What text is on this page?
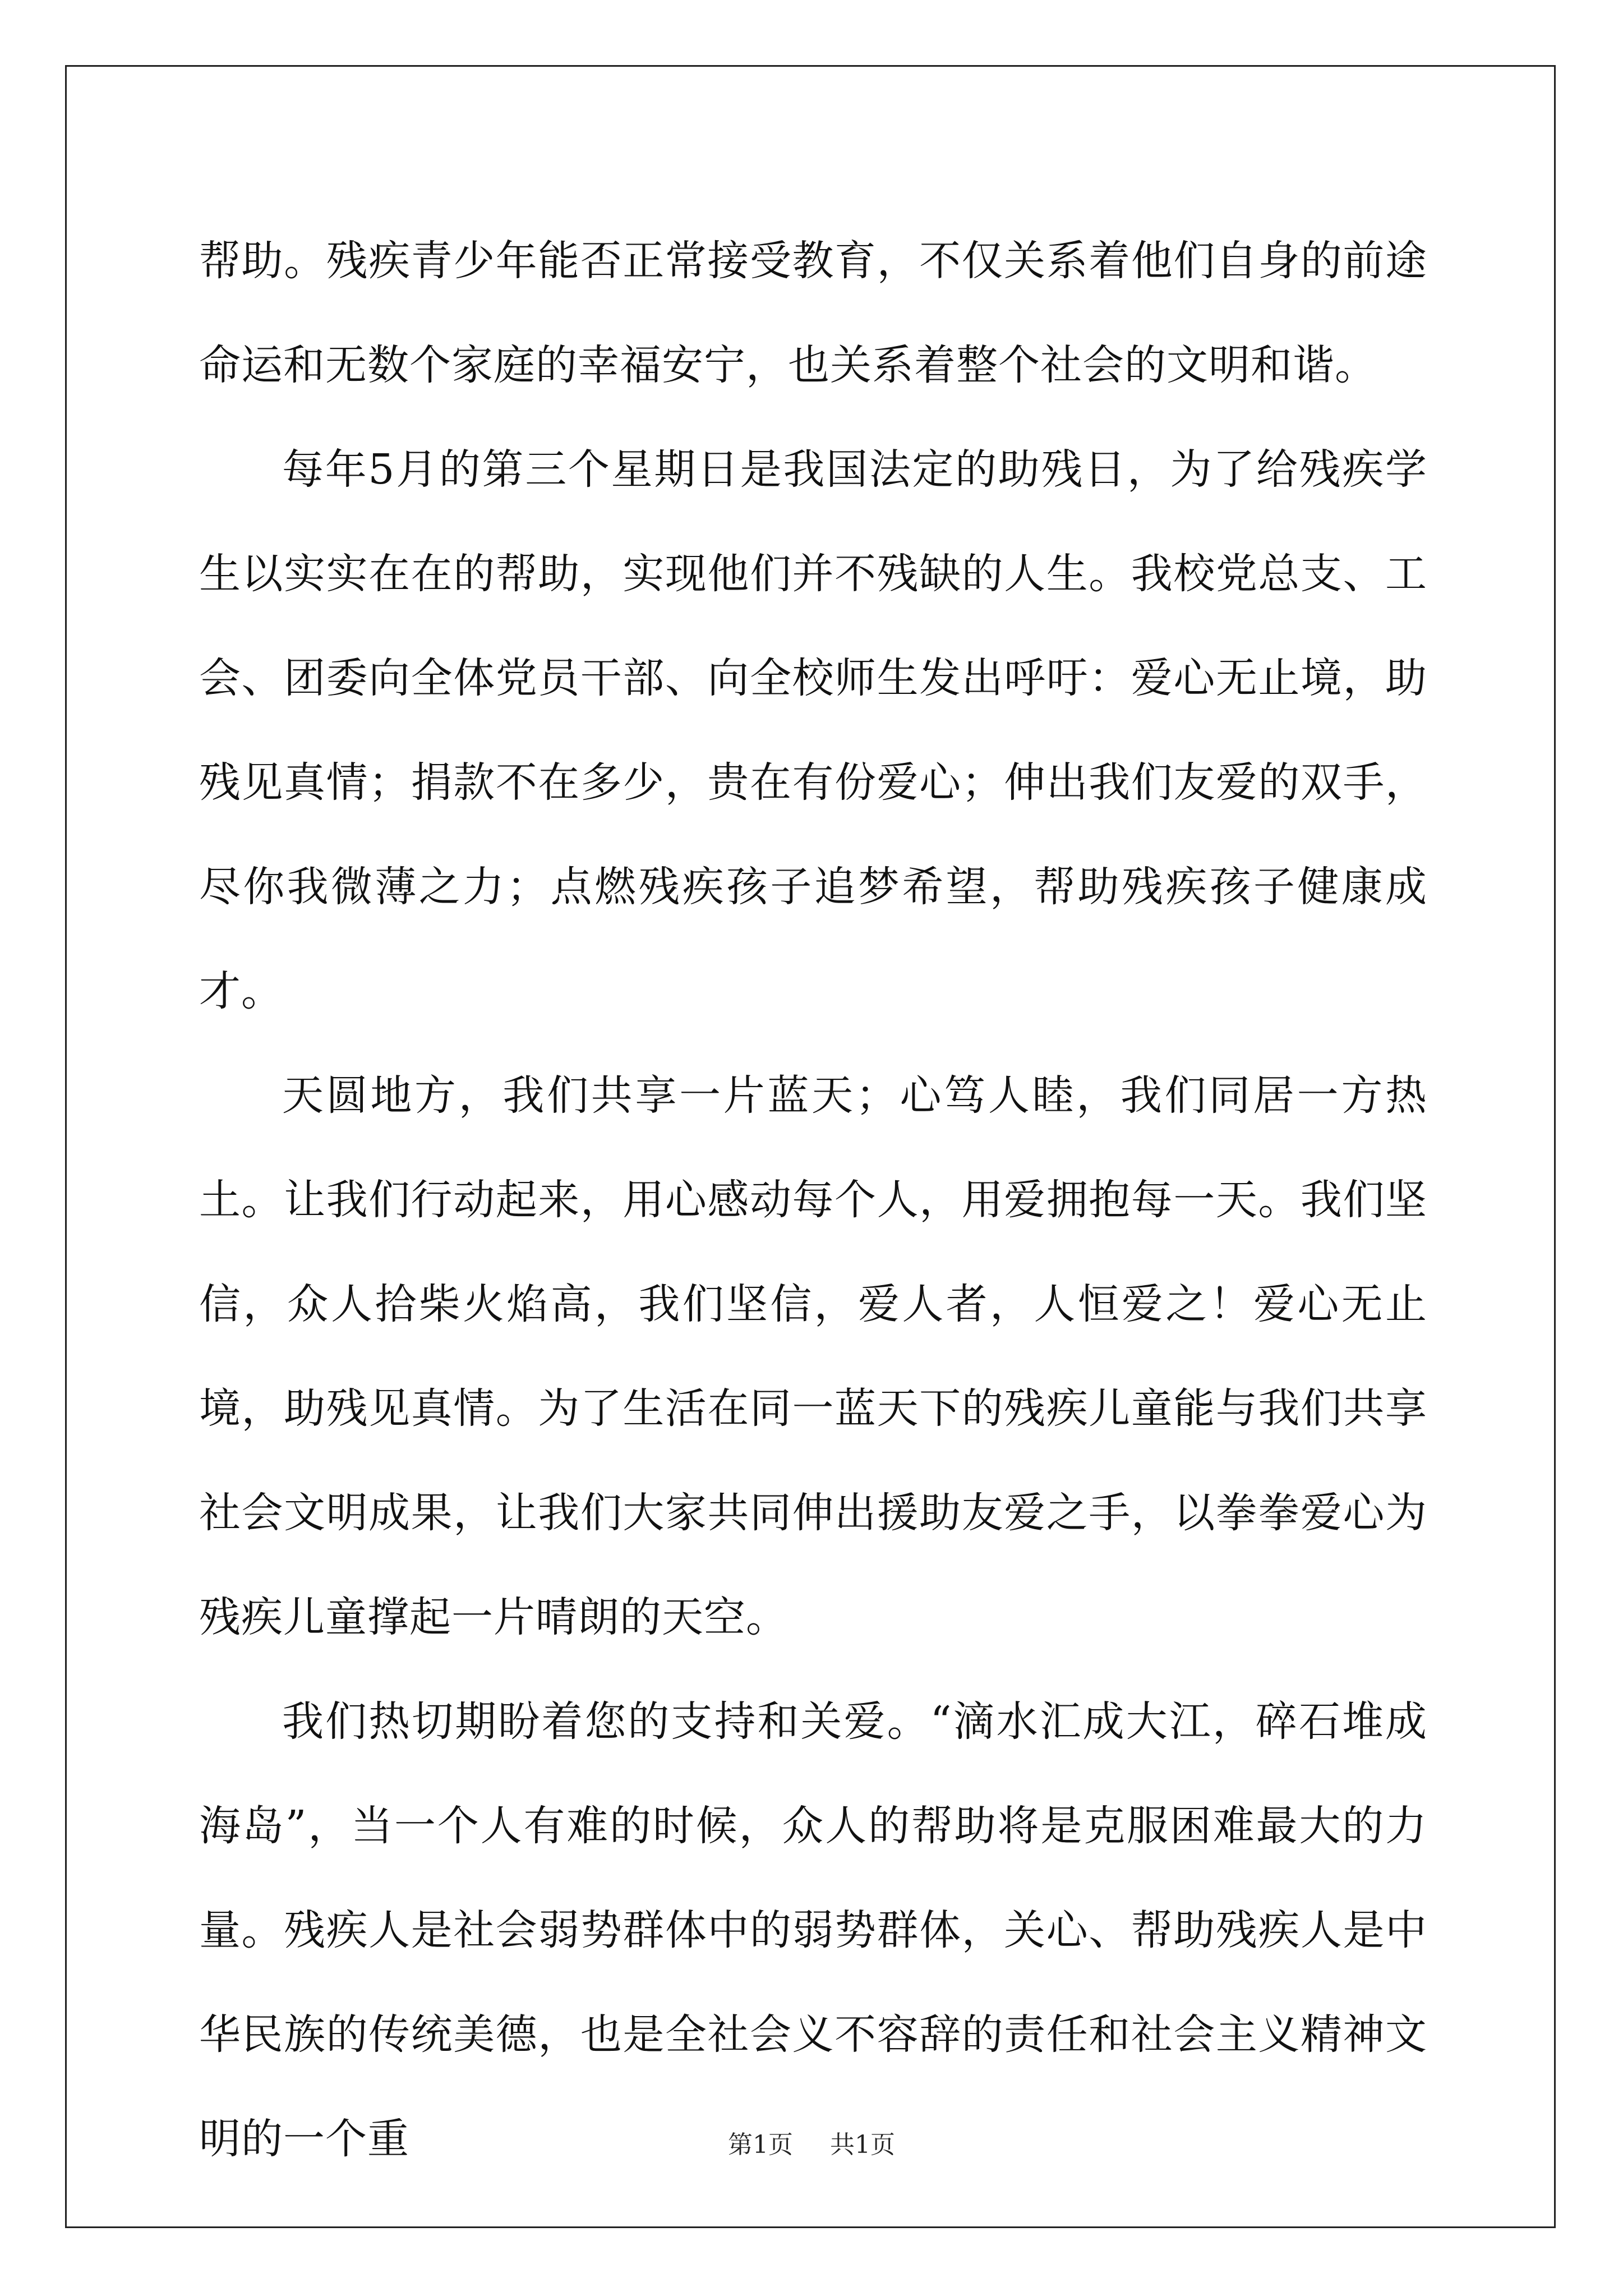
帮助。残疾青少年能否正常接受教育，不仅关系着他们自身的前途命运和无数个家庭的幸福安宁，也关系着整个社会的文明和谐。

每年5月的第三个星期日是我国法定的助残日，为了给残疾学生以实实在在的帮助，实现他们并不残缺的人生。我校党总支、工会、团委向全体党员干部、向全校师生发出呼吁：爱心无止境，助残见真情；捐款不在多少，贵在有份爱心；伸出我们友爱的双手，尽你我微薄之力；点燃残疾孩子追梦希望，帮助残疾孩子健康成才。

天圆地方，我们共享一片蓝天；心笃人睦，我们同居一方热土。让我们行动起来，用心感动每个人，用爱拥抱每一天。我们坚信，众人拾柴火焰高，我们坚信，爱人者，人恒爱之！爱心无止境，助残见真情。为了生活在同一蓝天下的残疾儿童能与我们共享社会文明成果，让我们大家共同伸出援助友爱之手，以拳拳爱心为残疾儿童撑起一片晴朗的天空。

我们热切期盼着您的支持和关爱。“滴水汇成大江，碎石堆成海岛”，当一个人有难的时候，众人的帮助将是克服困难最大的力量。残疾人是社会弱势群体中的弱势群体，关心、帮助残疾人是中华民族的传统美德，也是全社会义不容辞的责任和社会主义精神文明的一个重	第1页 共1页
